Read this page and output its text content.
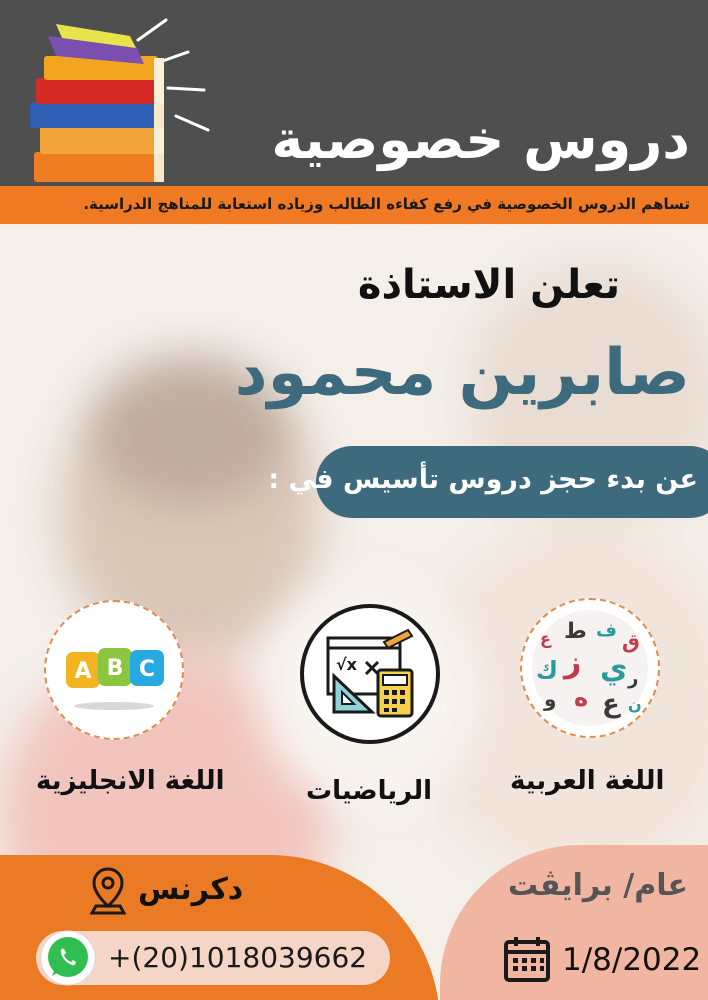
دروس خصوصية
تساهم الدروس الخصوصية في رفع كفاءه الطالب وزياده استعابة للمناهج الدراسية.
تعلن الاستاذة
صابرين محمود
عن بدء حجز دروس تأسيس في :
ع ط ف ق
ك ز ي ر
و ه ع ن
اللغة العربية
√x
الرياضيات
A B C
اللغة الانجليزية
دكرنس
+(20)1018039662
عام/ برايڤت
1/8/2022
